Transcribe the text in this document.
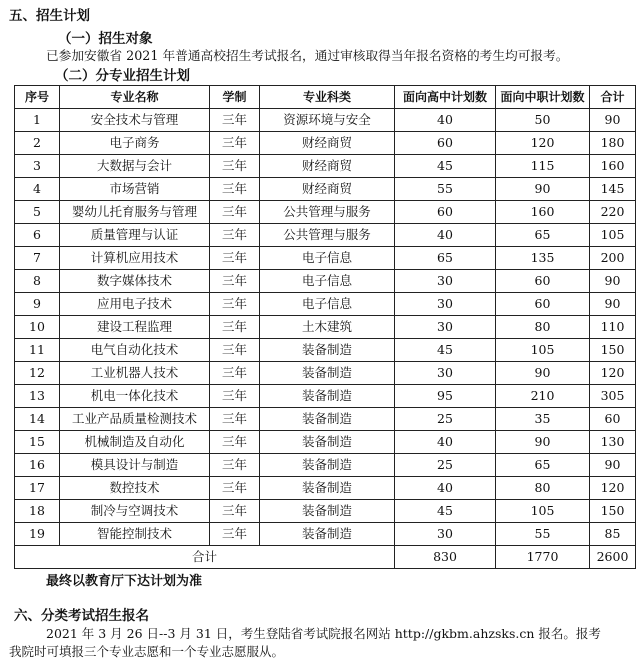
五、招生计划
（一）招生对象
已参加安徽省 2021 年普通高校招生考试报名，通过审核取得当年报名资格的考生均可报考。
（二）分专业招生计划
序号	专业名称	学制	专业科类	面向高中计划数	面向中职计划数	合计
1	安全技术与管理	三年	资源环境与安全	40	50	90
2	电子商务	三年	财经商贸	60	120	180
3	大数据与会计	三年	财经商贸	45	115	160
4	市场营销	三年	财经商贸	55	90	145
5	婴幼儿托育服务与管理	三年	公共管理与服务	60	160	220
6	质量管理与认证	三年	公共管理与服务	40	65	105
7	计算机应用技术	三年	电子信息	65	135	200
8	数字媒体技术	三年	电子信息	30	60	90
9	应用电子技术	三年	电子信息	30	60	90
10	建设工程监理	三年	土木建筑	30	80	110
11	电气自动化技术	三年	装备制造	45	105	150
12	工业机器人技术	三年	装备制造	30	90	120
13	机电一体化技术	三年	装备制造	95	210	305
14	工业产品质量检测技术	三年	装备制造	25	35	60
15	机械制造及自动化	三年	装备制造	40	90	130
16	模具设计与制造	三年	装备制造	25	65	90
17	数控技术	三年	装备制造	40	80	120
18	制冷与空调技术	三年	装备制造	45	105	150
19	智能控制技术	三年	装备制造	30	55	85
合计				830	1770	2600
最终以教育厅下达计划为准
六、分类考试招生报名
2021 年 3 月 26 日--3 月 31 日，考生登陆省考试院报名网站 http://gkbm.ahzsks.cn 报名。报考
我院时可填报三个专业志愿和一个专业志愿服从。
